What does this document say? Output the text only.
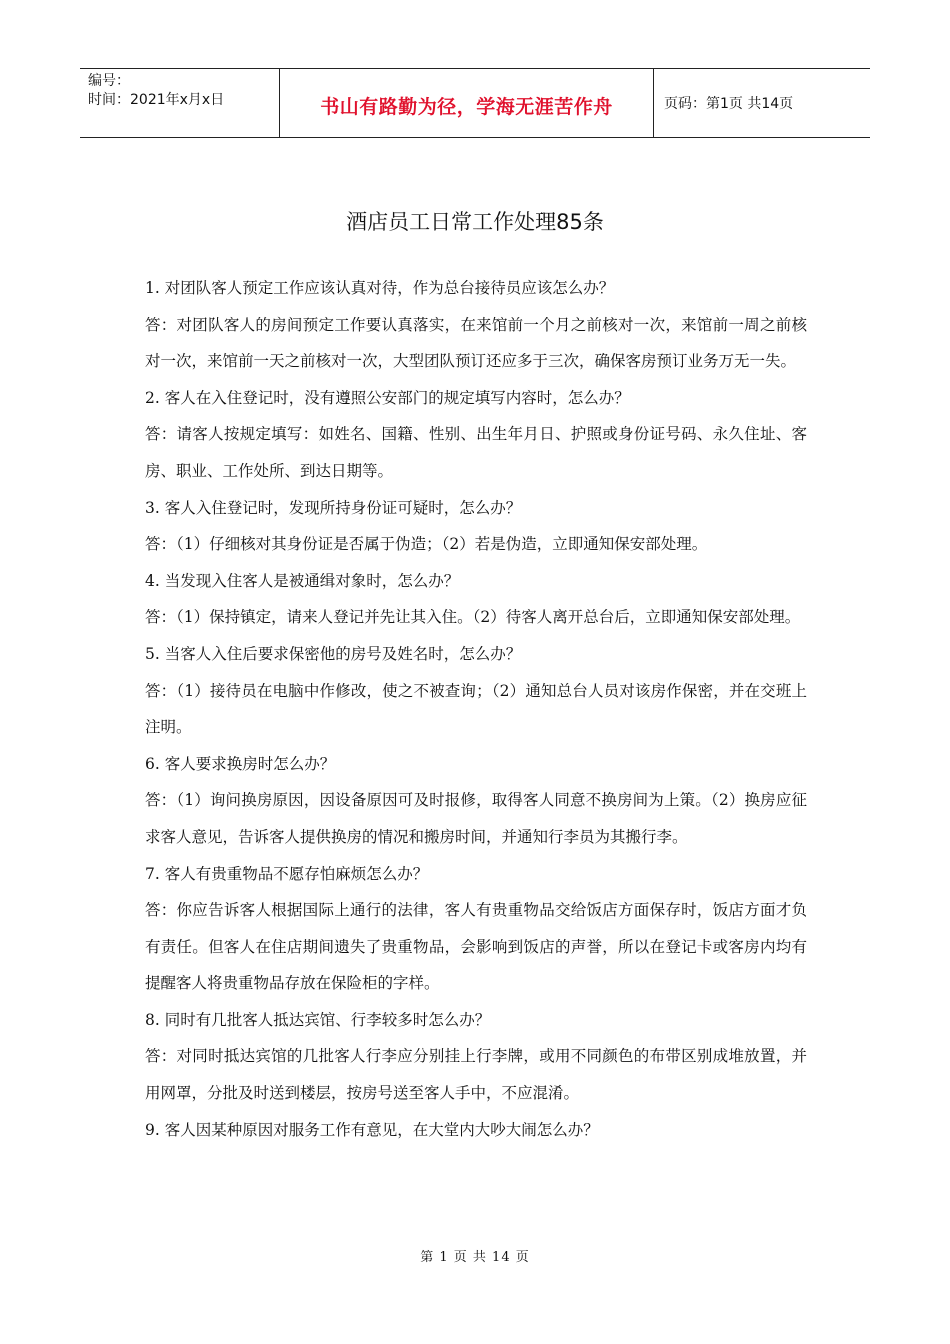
编号：
时间：2021年x月x日	书山有路勤为径，学海无涯苦作舟	页码：第1页 共14页
酒店员工日常工作处理85条

1. 对团队客人预定工作应该认真对待，作为总台接待员应该怎么办？

答：对团队客人的房间预定工作要认真落实，在来馆前一个月之前核对一次，来馆前一周之前核对一次，来馆前一天之前核对一次，大型团队预订还应多于三次，确保客房预订业务万无一失。

2. 客人在入住登记时，没有遵照公安部门的规定填写内容时，怎么办？

答：请客人按规定填写：如姓名、国籍、性别、出生年月日、护照或身份证号码、永久住址、客房、职业、工作处所、到达日期等。

3. 客人入住登记时，发现所持身份证可疑时，怎么办？

答：（1）仔细核对其身份证是否属于伪造；（2）若是伪造，立即通知保安部处理。

4. 当发现入住客人是被通缉对象时，怎么办？

答：（1）保持镇定，请来人登记并先让其入住。（2）待客人离开总台后，立即通知保安部处理。

5. 当客人入住后要求保密他的房号及姓名时，怎么办？

答：（1）接待员在电脑中作修改，使之不被查询；（2）通知总台人员对该房作保密，并在交班上注明。

6. 客人要求换房时怎么办？

答：（1）询问换房原因，因设备原因可及时报修，取得客人同意不换房间为上策。（2）换房应征求客人意见，告诉客人提供换房的情况和搬房时间，并通知行李员为其搬行李。

7. 客人有贵重物品不愿存怕麻烦怎么办？

答：你应告诉客人根据国际上通行的法律，客人有贵重物品交给饭店方面保存时，饭店方面才负有责任。但客人在住店期间遗失了贵重物品，会影响到饭店的声誉，所以在登记卡或客房内均有提醒客人将贵重物品存放在保险柜的字样。

8. 同时有几批客人抵达宾馆、行李较多时怎么办？

答：对同时抵达宾馆的几批客人行李应分别挂上行李牌，或用不同颜色的布带区别成堆放置，并用网罩，分批及时送到楼层，按房号送至客人手中，不应混淆。

9. 客人因某种原因对服务工作有意见，在大堂内大吵大闹怎么办？

第 1 页 共 14 页
